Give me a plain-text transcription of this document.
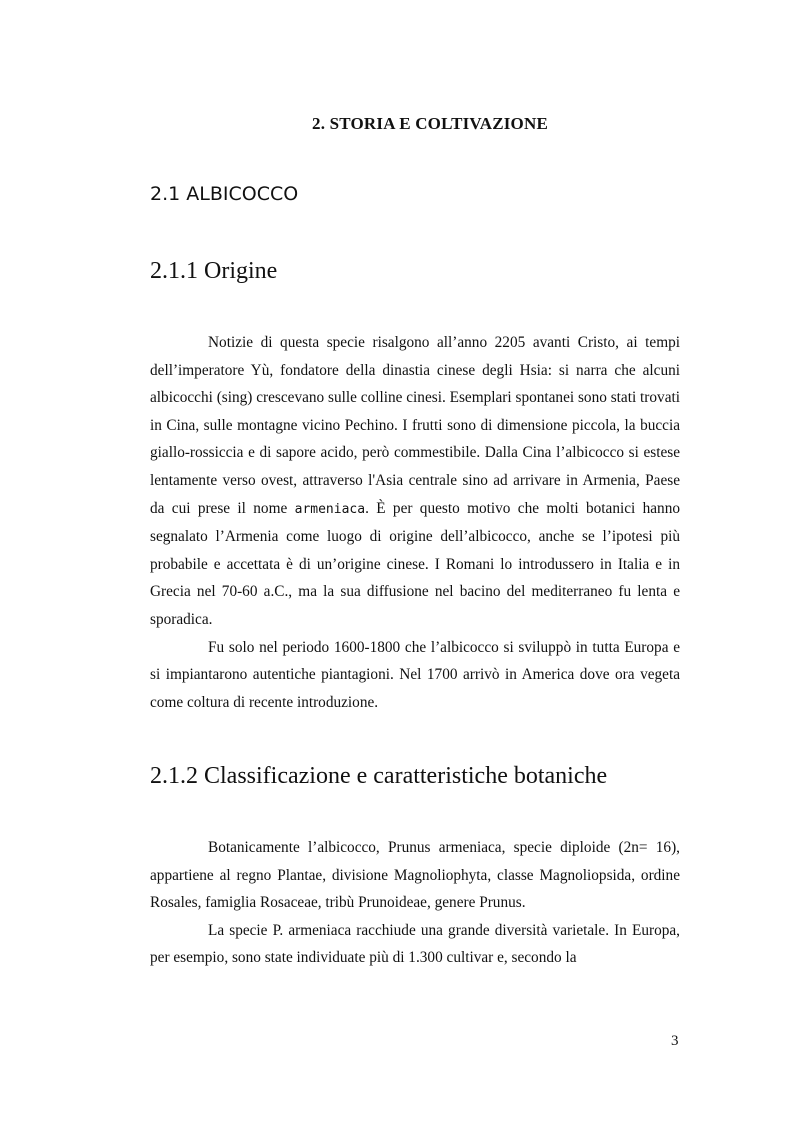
2. STORIA E COLTIVAZIONE
2.1 ALBICOCCO
2.1.1 Origine

Notizie di questa specie risalgono all’anno 2205 avanti Cristo, ai tempi dell’imperatore Yù, fondatore della dinastia cinese degli Hsia: si narra che alcuni albicocchi (sing) crescevano sulle colline cinesi. Esemplari spontanei sono stati trovati in Cina, sulle montagne vicino Pechino. I frutti sono di dimensione piccola, la buccia giallo-rossiccia e di sapore acido, però commestibile. Dalla Cina l’albicocco si estese lentamente verso ovest, attraverso l'Asia centrale sino ad arrivare in Armenia, Paese da cui prese il nome armeniaca. È per questo motivo che molti botanici hanno segnalato l’Armenia come luogo di origine dell’albicocco, anche se l’ipotesi più probabile e accettata è di un’origine cinese. I Romani lo introdussero in Italia e in Grecia nel 70-60 a.C., ma la sua diffusione nel bacino del mediterraneo fu lenta e sporadica.

Fu solo nel periodo 1600-1800 che l’albicocco si sviluppò in tutta Europa e si impiantarono autentiche piantagioni. Nel 1700 arrivò in America dove ora vegeta come coltura di recente introduzione.

2.1.2 Classificazione e caratteristiche botaniche

Botanicamente l’albicocco, Prunus armeniaca, specie diploide (2n= 16), appartiene al regno Plantae, divisione Magnoliophyta, classe Magnoliopsida, ordine Rosales, famiglia Rosaceae, tribù Prunoideae, genere Prunus.

La specie P. armeniaca racchiude una grande diversità varietale. In Europa, per esempio, sono state individuate più di 1.300 cultivar e, secondo la

3
